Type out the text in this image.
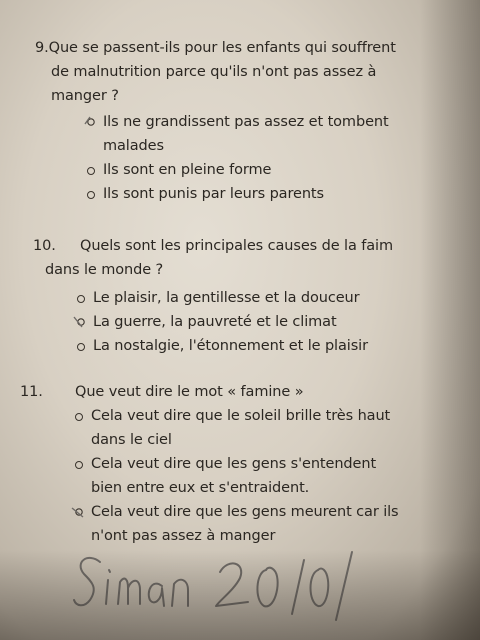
9.Que se passent-ils pour les enfants qui souffrent
de malnutrition parce qu'ils n'ont pas assez à
manger ?
Ils ne grandissent pas assez et tombent
malades
Ils sont en pleine forme
Ils sont punis par leurs parents
10. Quels sont les principales causes de la faim
dans le monde ?
Le plaisir, la gentillesse et la douceur
La guerre, la pauvreté et le climat
La nostalgie, l'étonnement et le plaisir
11. Que veut dire le mot « famine »
Cela veut dire que le soleil brille très haut
dans le ciel
Cela veut dire que les gens s'entendent
bien entre eux et s'entraident.
Cela veut dire que les gens meurent car ils
n'ont pas assez à manger
